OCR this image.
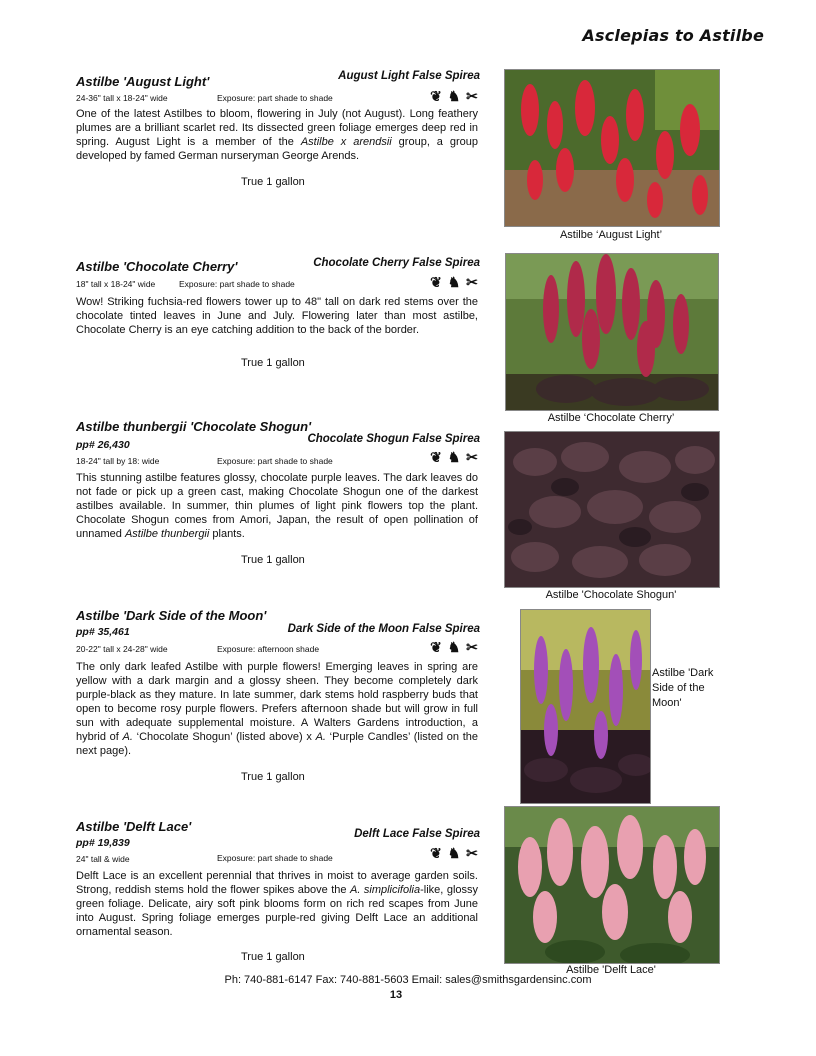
Asclepias to Astilbe
Astilbe 'August Light'	August Light False Spirea
24-36" tall x 18-24" wide	Exposure: part shade to shade	❦ ♞ ✂
One of the latest Astilbes to bloom, flowering in July (not August). Long feathery plumes are a brilliant scarlet red. Its dissected green foliage emerges deep red in spring. August Light is a member of the Astilbe x arendsii group, a group developed by famed German nurseryman George Arends.
True 1 gallon
Astilbe ‘August Light’
Astilbe 'Chocolate Cherry'	Chocolate Cherry False Spirea
18" tall x 18-24" wide	Exposure: part shade to shade	❦ ♞ ✂
Wow! Striking fuchsia-red flowers tower up to 48" tall on dark red stems over the chocolate tinted leaves in June and July. Flowering later than most astilbe, Chocolate Cherry is an eye catching addition to the back of the border.
True 1 gallon
Astilbe ‘Chocolate Cherry’
Astilbe thunbergii 'Chocolate Shogun'
pp# 26,430	Chocolate Shogun False Spirea
18-24" tall by 18: wide	Exposure: part shade to shade	❦ ♞ ✂
This stunning astilbe features glossy, chocolate purple leaves. The dark leaves do not fade or pick up a green cast, making Chocolate Shogun one of the darkest astilbes available. In summer, thin plumes of light pink flowers top the plant. Chocolate Shogun comes from Amori, Japan, the result of open pollination of unnamed Astilbe thunbergii plants.
True 1 gallon
Astilbe 'Chocolate Shogun'
Astilbe 'Dark Side of the Moon'
pp# 35,461	Dark Side of the Moon False Spirea
20-22" tall x 24-28" wide	Exposure: afternoon shade	❦ ♞ ✂
The only dark leafed Astilbe with purple flowers! Emerging leaves in spring are yellow with a dark margin and a glossy sheen. They become completely dark purple-black as they mature. In late summer, dark stems hold raspberry buds that open to become rosy purple flowers. Prefers afternoon shade but will grow in full sun with adequate supplemental moisture. A Walters Gardens introduction, a hybrid of A. ‘Chocolate Shogun’ (listed above) x A. ‘Purple Candles’ (listed on the next page).
True 1 gallon
Astilbe 'Dark Side of the Moon'
Astilbe 'Delft Lace'
pp# 19,839
Delft Lace False Spirea
24" tall & wide	Exposure: part shade to shade	❦ ♞ ✂
Delft Lace is an excellent perennial that thrives in moist to average garden soils. Strong, reddish stems hold the flower spikes above the A. simplicifolia-like, glossy green foliage. Delicate, airy soft pink blooms form on rich red scapes from June into August. Spring foliage emerges purple-red giving Delft Lace an additional ornamental season.
True 1 gallon
Astilbe 'Delft Lace'
Ph: 740-881-6147 Fax: 740-881-5603 Email: sales@smithsgardensinc.com
13
